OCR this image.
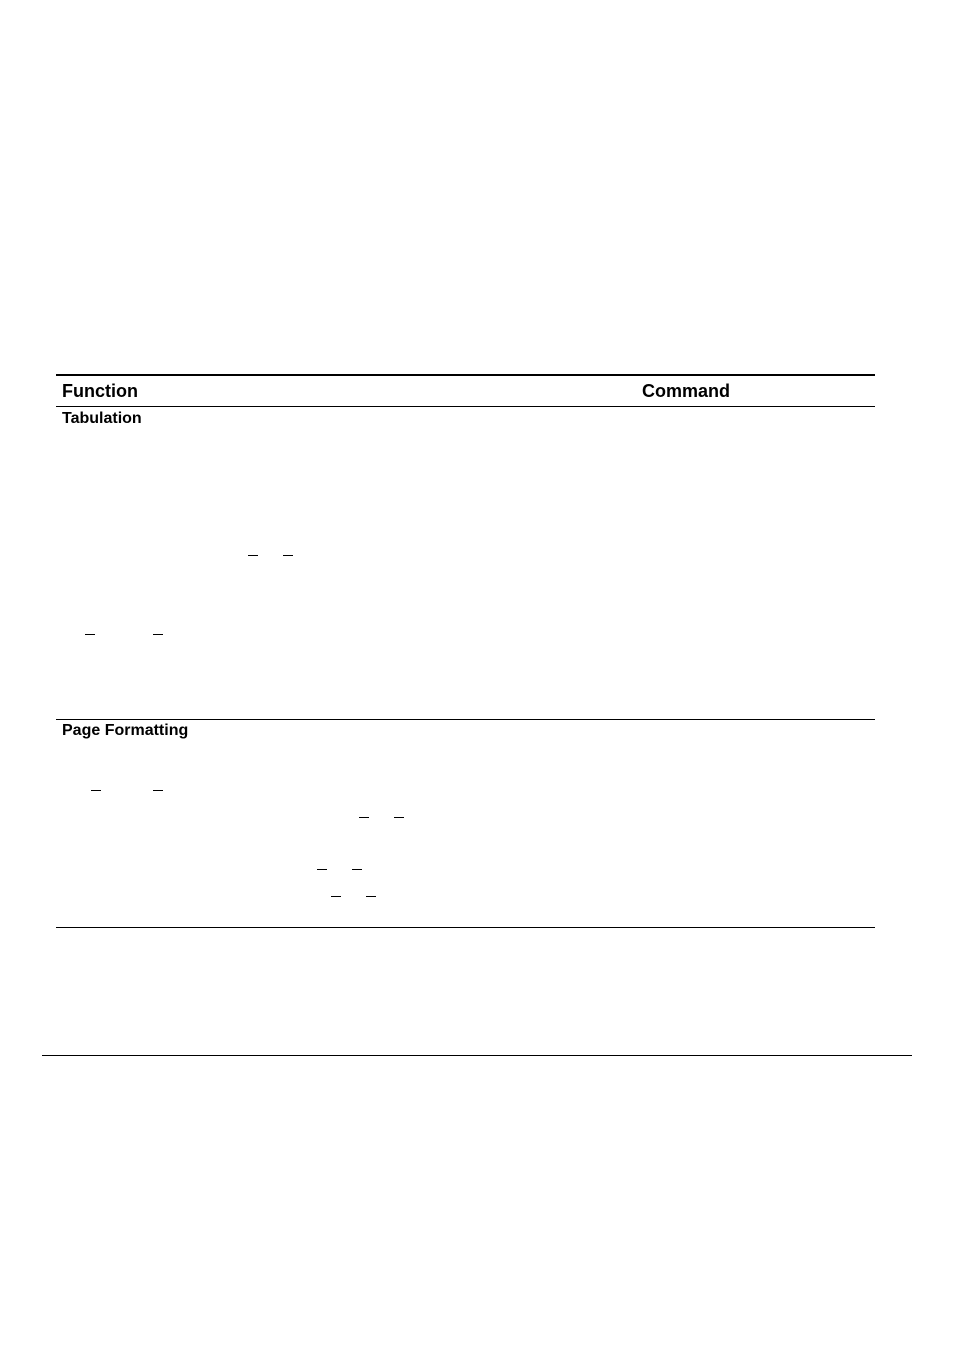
Function	Command
Tabulation
Page Formatting
